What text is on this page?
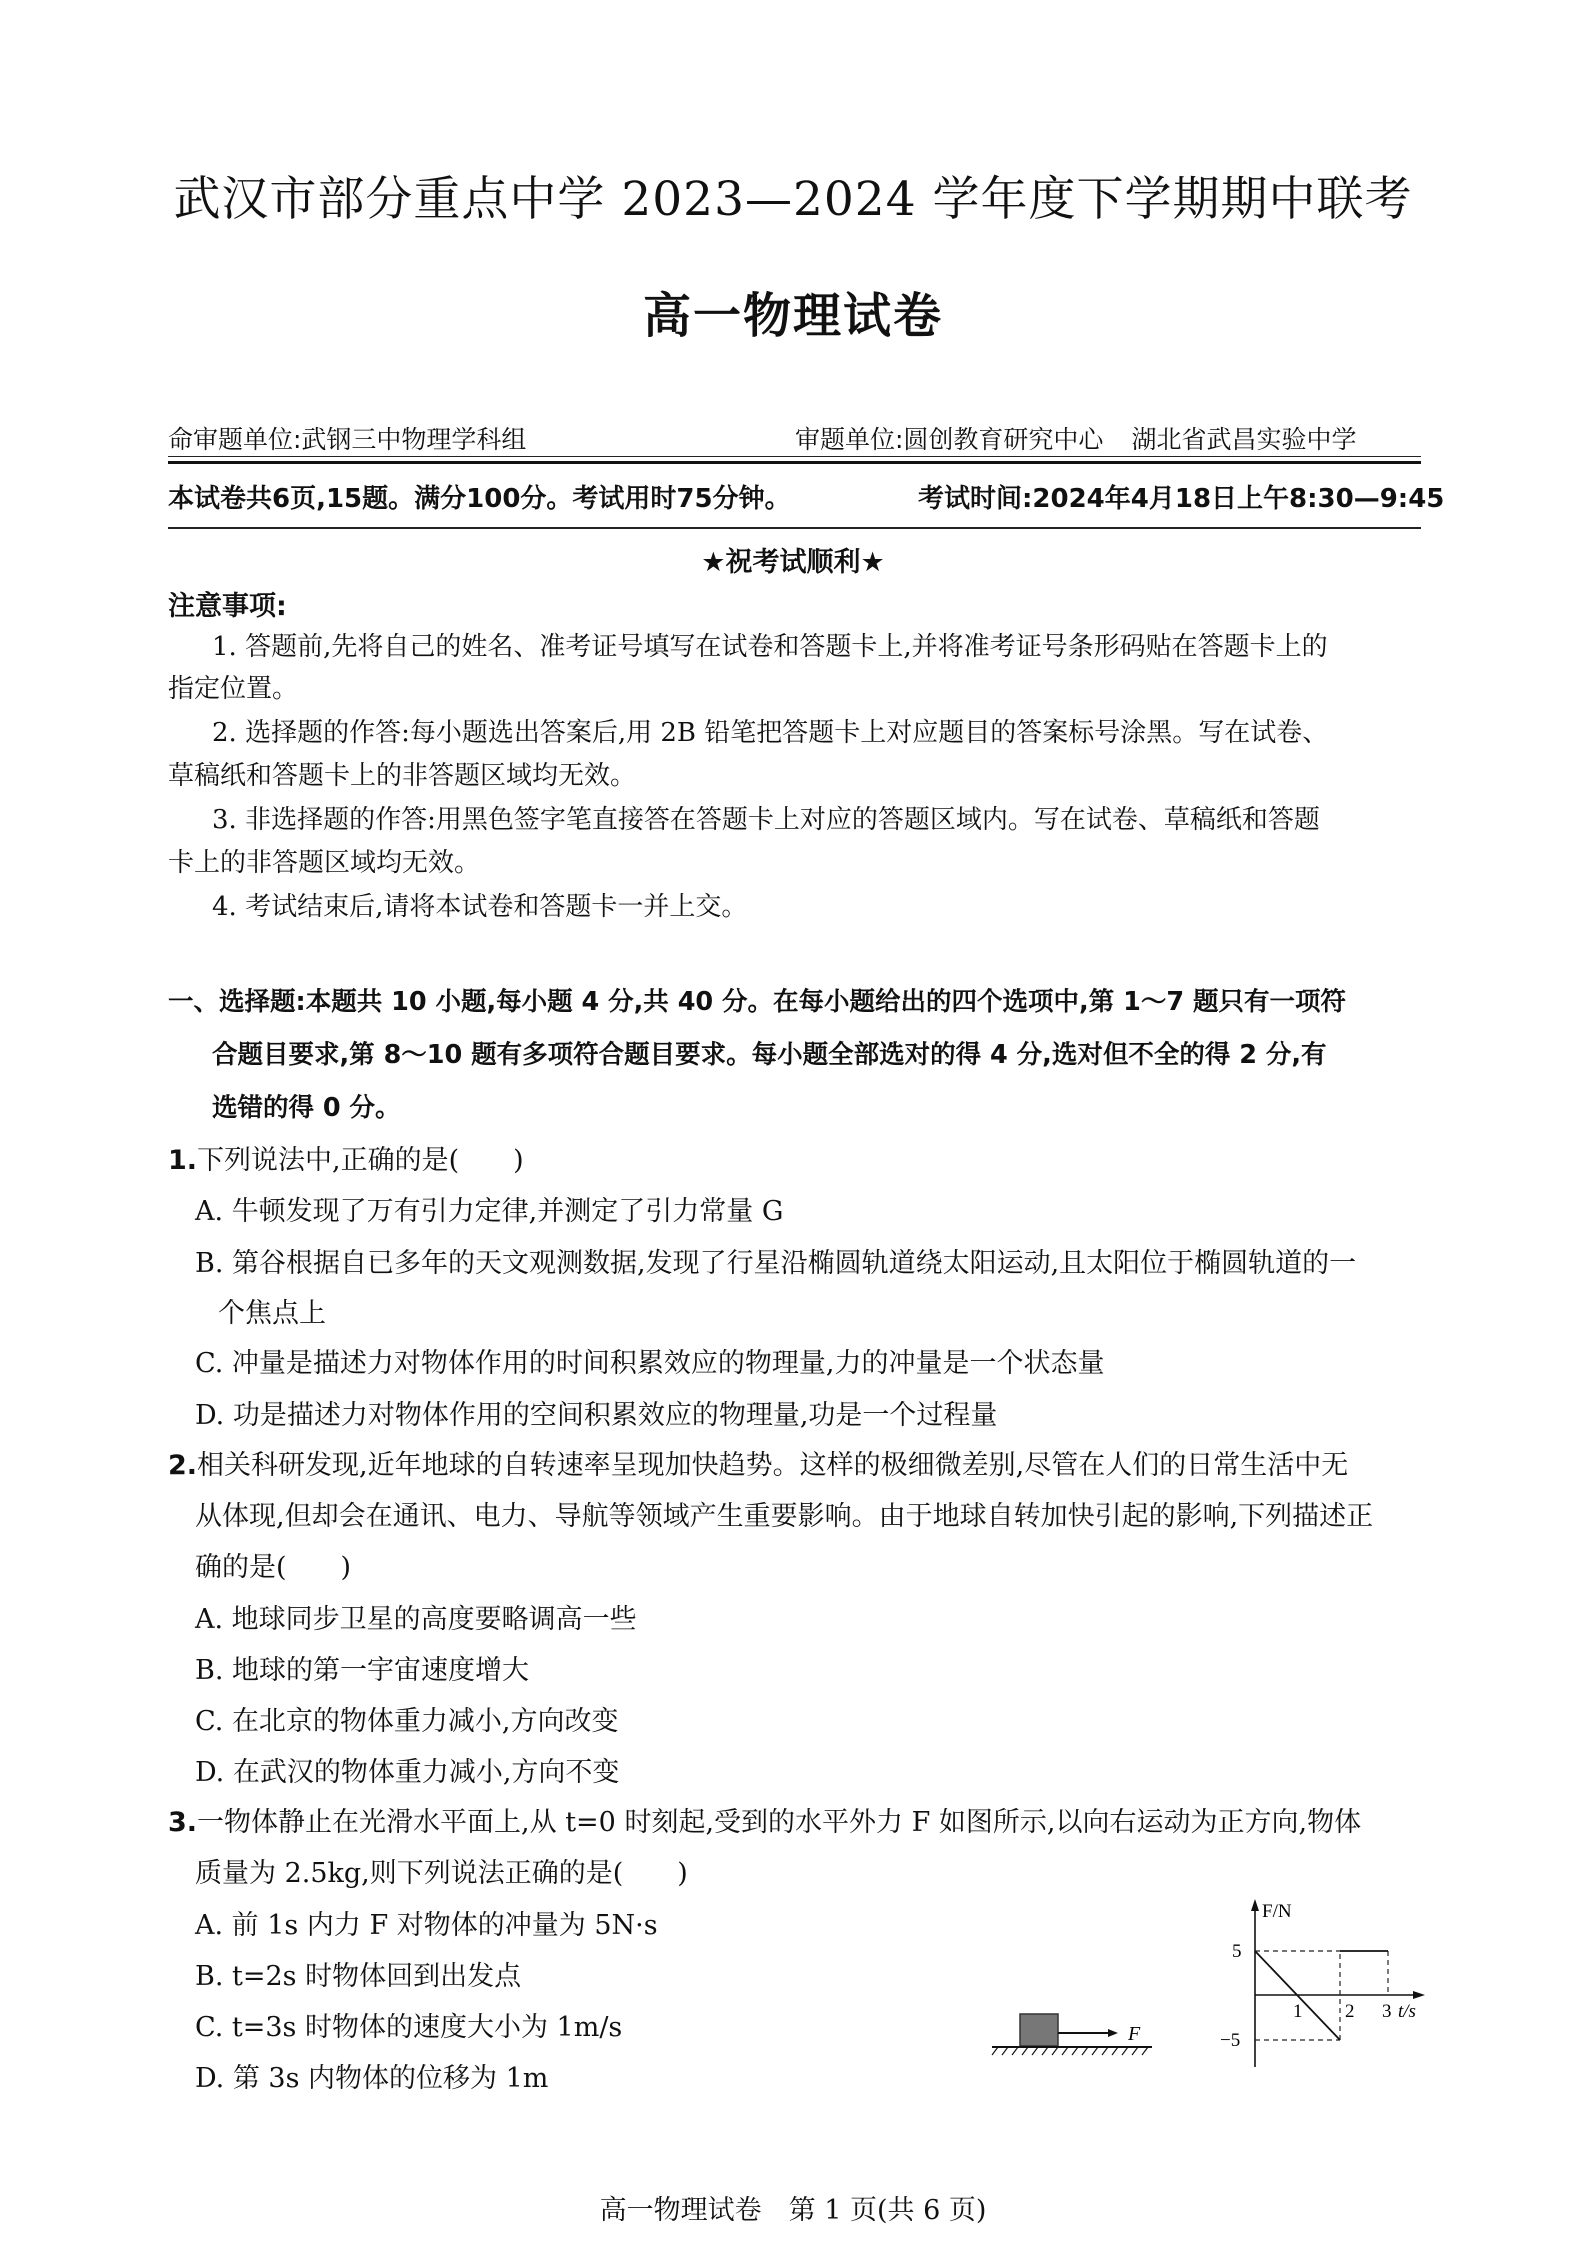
武汉市部分重点中学 2023—2024 学年度下学期期中联考
高一物理试卷
命审题单位:武钢三中物理学科组	审题单位:圆创教育研究中心 湖北省武昌实验中学
本试卷共6页,15题。满分100分。考试用时75分钟。	考试时间:2024年4月18日上午8:30—9:45
★祝考试顺利★
注意事项:
1. 答题前,先将自己的姓名、准考证号填写在试卷和答题卡上,并将准考证号条形码贴在答题卡上的
指定位置。
2. 选择题的作答:每小题选出答案后,用 2B 铅笔把答题卡上对应题目的答案标号涂黑。写在试卷、
草稿纸和答题卡上的非答题区域均无效。
3. 非选择题的作答:用黑色签字笔直接答在答题卡上对应的答题区域内。写在试卷、草稿纸和答题
卡上的非答题区域均无效。
4. 考试结束后,请将本试卷和答题卡一并上交。
一、选择题:本题共 10 小题,每小题 4 分,共 40 分。在每小题给出的四个选项中,第 1～7 题只有一项符
合题目要求,第 8～10 题有多项符合题目要求。每小题全部选对的得 4 分,选对但不全的得 2 分,有
选错的得 0 分。
1.下列说法中,正确的是(　　)
A. 牛顿发现了万有引力定律,并测定了引力常量 G
B. 第谷根据自已多年的天文观测数据,发现了行星沿椭圆轨道绕太阳运动,且太阳位于椭圆轨道的一
个焦点上
C. 冲量是描述力对物体作用的时间积累效应的物理量,力的冲量是一个状态量
D. 功是描述力对物体作用的空间积累效应的物理量,功是一个过程量
2.相关科研发现,近年地球的自转速率呈现加快趋势。这样的极细微差别,尽管在人们的日常生活中无
从体现,但却会在通讯、电力、导航等领域产生重要影响。由于地球自转加快引起的影响,下列描述正
确的是(　　)
A. 地球同步卫星的高度要略调高一些
B. 地球的第一宇宙速度增大
C. 在北京的物体重力减小,方向改变
D. 在武汉的物体重力减小,方向不变
3.一物体静止在光滑水平面上,从 t=0 时刻起,受到的水平外力 F 如图所示,以向右运动为正方向,物体
质量为 2.5kg,则下列说法正确的是(　　)
A. 前 1s 内力 F 对物体的冲量为 5N·s
B. t=2s 时物体回到出发点
C. t=3s 时物体的速度大小为 1m/s
D. 第 3s 内物体的位移为 1m
F
F/N
5
−5
1 2 3 t/s
高一物理试卷　第 1 页(共 6 页)
